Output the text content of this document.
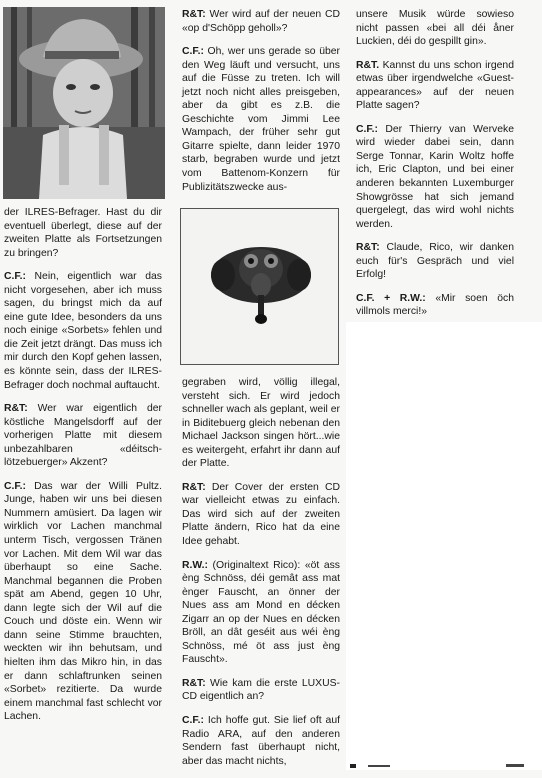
der ILRES-Befrager. Hast du dir eventuell überlegt, diese auf der zweiten Platte als Fortsetzungen zu bringen?

C.F.: Nein, eigentlich war das nicht vorgesehen, aber ich muss sagen, du bringst mich da auf eine gute Idee, besonders da uns noch einige «Sorbets» fehlen und die Zeit jetzt drängt. Das muss ich mir durch den Kopf gehen lassen, es könnte sein, dass der ILRES-Befrager doch nochmal auftaucht.

R&T: Wer war eigentlich der köstliche Mangelsdorff auf der vorherigen Platte mit diesem unbezahlbaren «déitsch-lötzebuerger» Akzent?

C.F.: Das war der Willi Pultz. Junge, haben wir uns bei diesen Nummern amüsiert. Da lagen wir wirklich vor Lachen manchmal unterm Tisch, vergossen Tränen vor Lachen. Mit dem Wil war das überhaupt so eine Sache. Manchmal begannen die Proben spät am Abend, gegen 10 Uhr, dann legte sich der Wil auf die Couch und döste ein. Wenn wir dann seine Stimme brauchten, weckten wir ihn behutsam, und hielten ihm das Mikro hin, in das er dann schlaftrunken seinen «Sorbet» rezitierte. Da wurde einem manchmal fast schlecht vor Lachen.

R&T: Wer wird auf der neuen CD «op d'Schöpp geholl»?

C.F.: Oh, wer uns gerade so über den Weg läuft und versucht, uns auf die Füsse zu treten. Ich will jetzt noch nicht alles preisgeben, aber da gibt es z.B. die Geschichte vom Jimmi Lee Wampach, der früher sehr gut Gitarre spielte, dann leider 1970 starb, begraben wurde und jetzt vom Battenom-Konzern für Publizitätszwecke aus-

gegraben wird, völlig illegal, versteht sich. Er wird jedoch schneller wach als geplant, weil er in Biditebuerg gleich nebenan den Michael Jackson singen hört...wie es weitergeht, erfahrt ihr dann auf der Platte.

R&T: Der Cover der ersten CD war vielleicht etwas zu einfach. Das wird sich auf der zweiten Platte ändern, Rico hat da eine Idee gehabt.

R.W.: (Originaltext Rico): «öt ass èng Schnöss, déi gemât ass mat ènger Fauscht, an önner der Nues ass am Mond en décken Zigarr an op der Nues en décken Bröll, an dât geséit aus wéi èng Schnöss, mé öt ass just èng Fauscht».

R&T: Wie kam die erste LUXUS-CD eigentlich an?

C.F.: Ich hoffe gut. Sie lief oft auf Radio ARA, auf den anderen Sendern fast überhaupt nicht, aber das macht nichts,

unsere Musik würde sowieso nicht passen «bei all déi åner Luckien, déi do gespillt gin».

R&T. Kannst du uns schon irgend etwas über irgendwelche «Guest-appearances» auf der neuen Platte sagen?

C.F.: Der Thierry van Werveke wird wieder dabei sein, dann Serge Tonnar, Karin Woltz hoffe ich, Eric Clapton, und bei einer anderen bekannten Luxemburger Showgrösse hat sich jemand quergelegt, das wird wohl nichts werden.

R&T: Claude, Rico, wir danken euch für's Gespräch und viel Erfolg!

C.F. + R.W.: «Mir soen öch villmols merci!»
